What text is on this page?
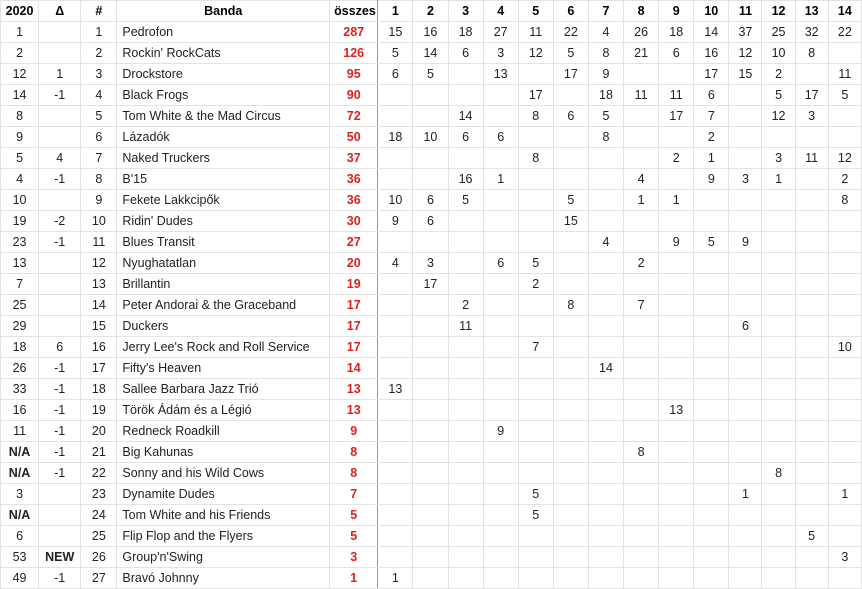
2020	Δ	#	Banda	összes	1	2	3	4	5	6	7	8	9	10	11	12	13	14
1		1	Pedrofon	287	15	16	18	27	11	22	4	26	18	14	37	25	32	22
2		2	Rockin' RockCats	126	5	14	6	3	12	5	8	21	6	16	12	10	8	
12	1	3	Drockstore	95	6	5		13		17	9			17	15	2		11
14	-1	4	Black Frogs	90					17		18	11	11	6		5	17	5
8		5	Tom White & the Mad Circus	72			14		8	6	5		17	7		12	3	
9		6	Lázadók	50	18	10	6	6			8			2				
5	4	7	Naked Truckers	37					8				2	1		3	11	12
4	-1	8	B'15	36			16	1				4		9	3	1		2
10		9	Fekete Lakkcipők	36	10	6	5			5		1	1					8
19	-2	10	Ridin' Dudes	30	9	6				15								
23	-1	11	Blues Transit	27							4		9	5	9			
13		12	Nyughatatlan	20	4	3		6	5			2						
7		13	Brillantin	19		17			2									
25		14	Peter Andorai & the Graceband	17			2			8		7						
29		15	Duckers	17			11								6			
18	6	16	Jerry Lee's Rock and Roll Service	17					7									10
26	-1	17	Fifty's Heaven	14							14							
33	-1	18	Sallee Barbara Jazz Trió	13	13													
16	-1	19	Török Ádám és a Légió	13									13					
11	-1	20	Redneck Roadkill	9				9										
N/A	-1	21	Big Kahunas	8								8						
N/A	-1	22	Sonny and his Wild Cows	8												8		
3		23	Dynamite Dudes	7					5						1			1
N/A		24	Tom White and his Friends	5					5									
6		25	Flip Flop and the Flyers	5													5	
53	NEW	26	Group'n'Swing	3														3
49	-1	27	Bravó Johnny	1	1													
